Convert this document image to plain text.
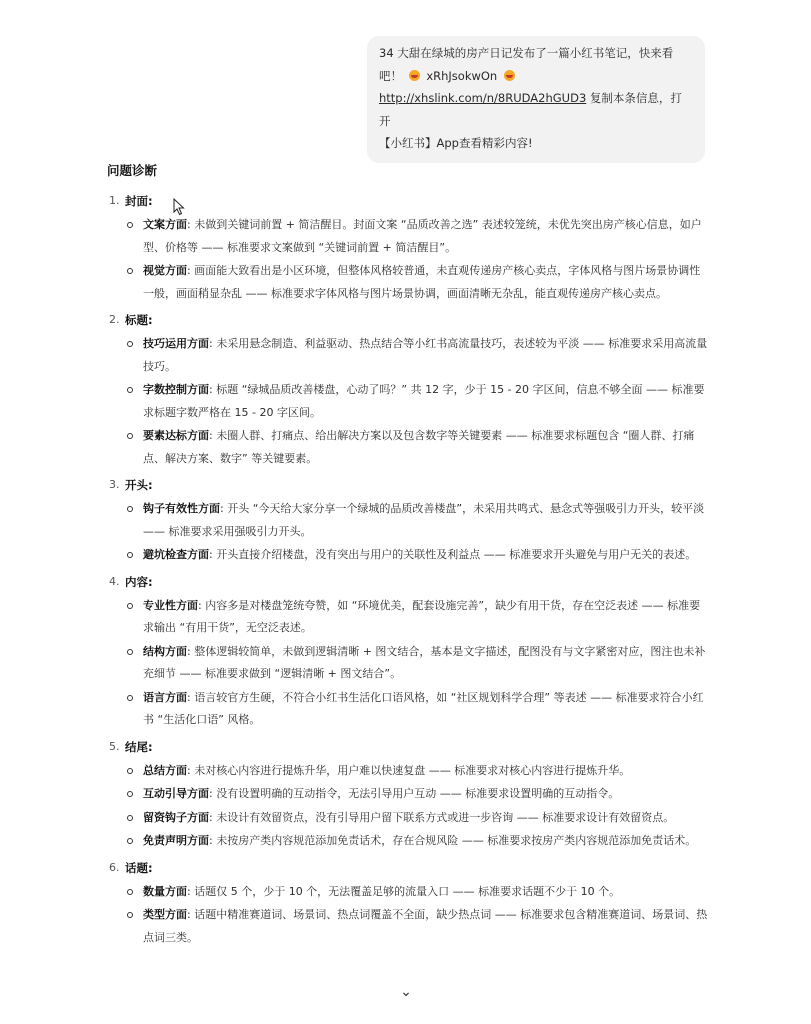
34 大甜在绿城的房产日记发布了一篇小红书笔记，快来看
吧！ xRhJsokwOn
http://xhslink.com/n/8RUDA2hGUD3 复制本条信息，打开
【小红书】App查看精彩内容!
问题诊断
1. 封面:
文案方面: 未做到关键词前置 + 简洁醒目。封面文案 “品质改善之选” 表述较笼统，未优先突出房产核心信息，如户型、价格等 —— 标准要求文案做到 “关键词前置 + 简洁醒目”。
视觉方面: 画面能大致看出是小区环境，但整体风格较普通，未直观传递房产核心卖点，字体风格与图片场景协调性一般，画面稍显杂乱 —— 标准要求字体风格与图片场景协调，画面清晰无杂乱，能直观传递房产核心卖点。
2. 标题:
技巧运用方面: 未采用悬念制造、利益驱动、热点结合等小红书高流量技巧，表述较为平淡 —— 标准要求采用高流量技巧。
字数控制方面: 标题 “绿城品质改善楼盘，心动了吗？” 共 12 字，少于 15 - 20 字区间，信息不够全面 —— 标准要求标题字数严格在 15 - 20 字区间。
要素达标方面: 未圈人群、打痛点、给出解决方案以及包含数字等关键要素 —— 标准要求标题包含 “圈人群、打痛点、解决方案、数字” 等关键要素。
3. 开头:
钩子有效性方面: 开头 “今天给大家分享一个绿城的品质改善楼盘”，未采用共鸣式、悬念式等强吸引力开头，较平淡 —— 标准要求采用强吸引力开头。
避坑检查方面: 开头直接介绍楼盘，没有突出与用户的关联性及利益点 —— 标准要求开头避免与用户无关的表述。
4. 内容:
专业性方面: 内容多是对楼盘笼统夸赞，如 “环境优美，配套设施完善”，缺少有用干货，存在空泛表述 —— 标准要求输出 “有用干货”，无空泛表述。
结构方面: 整体逻辑较简单，未做到逻辑清晰 + 图文结合，基本是文字描述，配图没有与文字紧密对应，图注也未补充细节 —— 标准要求做到 “逻辑清晰 + 图文结合”。
语言方面: 语言较官方生硬，不符合小红书生活化口语风格，如 “社区规划科学合理” 等表述 —— 标准要求符合小红书 “生活化口语” 风格。
5. 结尾:
总结方面: 未对核心内容进行提炼升华，用户难以快速复盘 —— 标准要求对核心内容进行提炼升华。
互动引导方面: 没有设置明确的互动指令，无法引导用户互动 —— 标准要求设置明确的互动指令。
留资钩子方面: 未设计有效留资点，没有引导用户留下联系方式或进一步咨询 —— 标准要求设计有效留资点。
免责声明方面: 未按房产类内容规范添加免责话术，存在合规风险 —— 标准要求按房产类内容规范添加免责话术。
6. 话题:
数量方面: 话题仅 5 个，少于 10 个，无法覆盖足够的流量入口 —— 标准要求话题不少于 10 个。
类型方面: 话题中精准赛道词、场景词、热点词覆盖不全面，缺少热点词 —— 标准要求包含精准赛道词、场景词、热点词三类。
⌄
